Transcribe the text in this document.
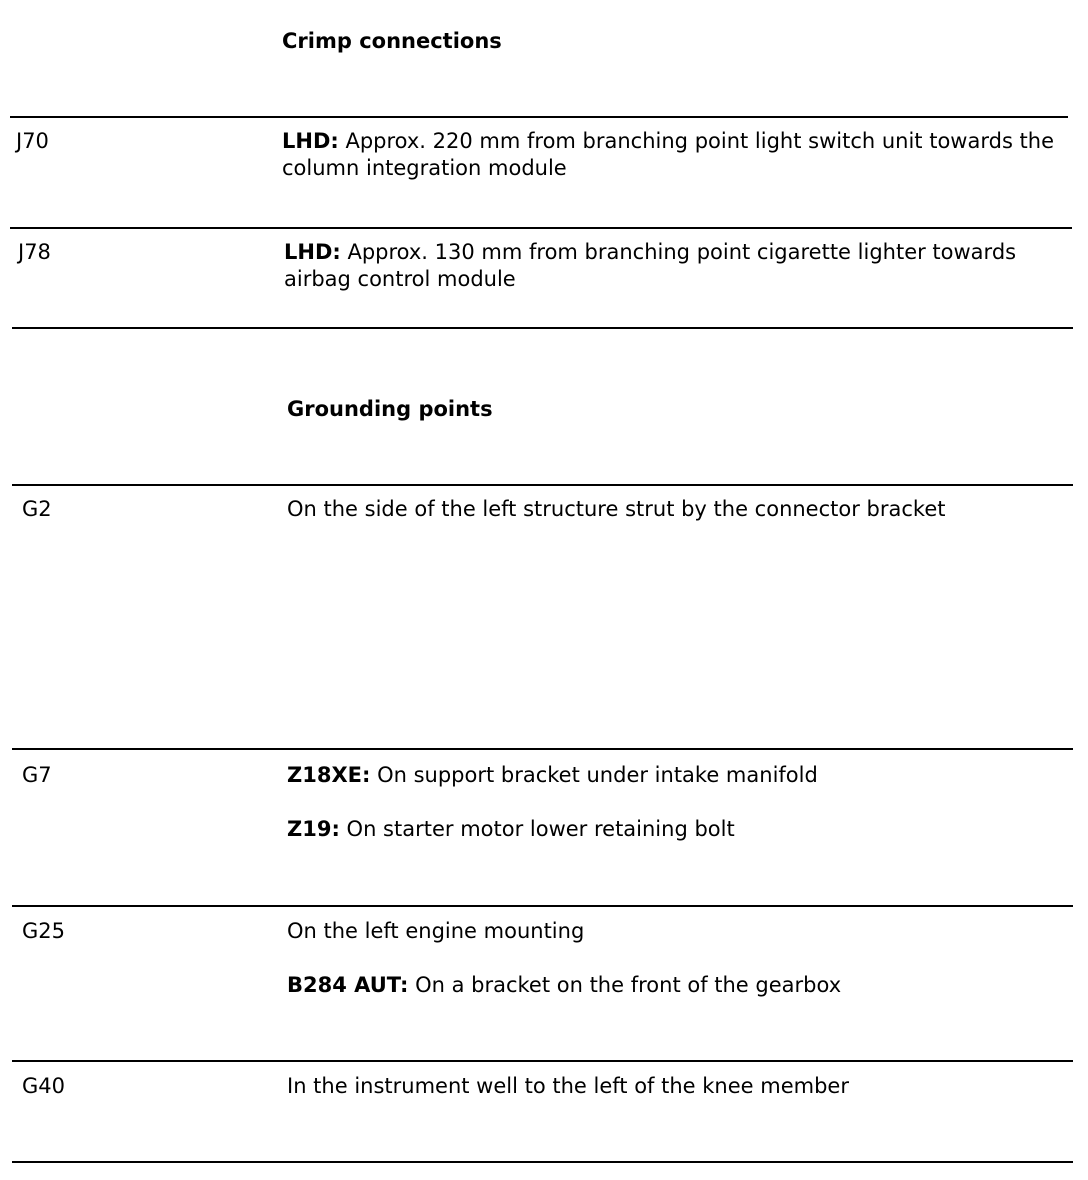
Crimp connections
J70	LHD: Approx. 220 mm from branching point light switch unit towards the column integration module

J78	LHD: Approx. 130 mm from branching point cigarette lighter towards airbag control module

Grounding points
G2	On the side of the left structure strut by the connector bracket

G7	Z18XE: On support bracket under intake manifold

Z19: On starter motor lower retaining bolt

G25	On the left engine mounting

B284 AUT: On a bracket on the front of the gearbox

G40	In the instrument well to the left of the knee member
